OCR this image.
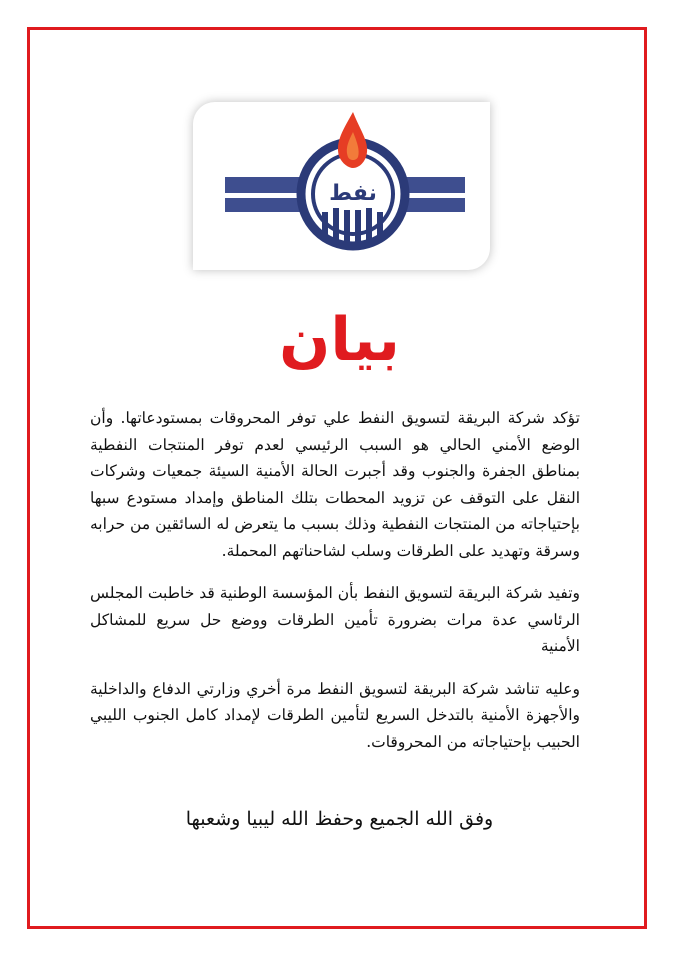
نفط
بيان

تؤكد شركة البريقة لتسويق النفط علي توفر المحروقات بمستودعاتها. وأن الوضع الأمني الحالي هو السبب الرئيسي لعدم توفر المنتجات النفطية بمناطق الجفرة والجنوب وقد أجبرت الحالة الأمنية السيئة جمعيات وشركات النقل على التوقف عن تزويد المحطات بتلك المناطق وإمداد مستودع سبها بإحتياجاته من المنتجات النفطية وذلك بسبب ما يتعرض له السائقين من حرابه وسرقة وتهديد على الطرقات وسلب لشاحناتهم المحملة.

وتفيد شركة البريقة لتسويق النفط بأن المؤسسة الوطنية قد خاطبت المجلس الرئاسي عدة مرات بضرورة تأمين الطرقات ووضع حل سريع للمشاكل الأمنية

وعليه تناشد شركة البريقة لتسويق النفط مرة أخري وزارتي الدفاع والداخلية والأجهزة الأمنية بالتدخل السريع لتأمين الطرقات لإمداد كامل الجنوب الليبي الحبيب بإحتياجاته من المحروقات.

وفق الله الجميع وحفظ الله ليبيا وشعبها
